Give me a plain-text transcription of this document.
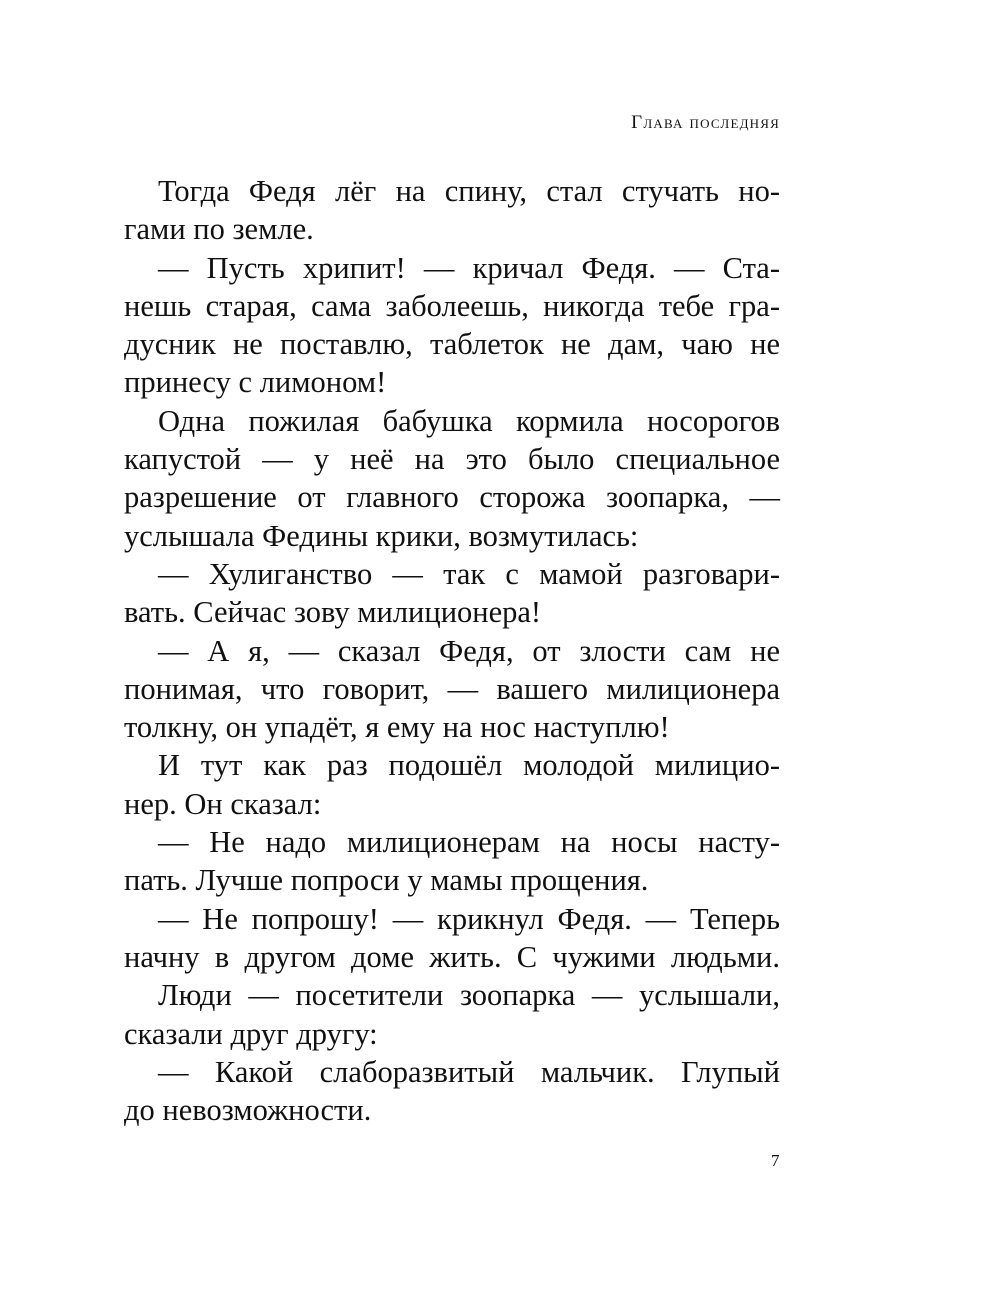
Глава последняя

Тогда Федя лёг на спину, стал стучать но-
гами по земле.

— Пусть хрипит! — кричал Федя. — Ста-
нешь старая, сама заболеешь, никогда тебе гра-
дусник не поставлю, таблеток не дам, чаю не
принесу с лимоном!

Одна пожилая бабушка кормила носорогов
капустой — у неё на это было специальное
разрешение от главного сторожа зоопарка, —
услышала Федины крики, возмутилась:

— Хулиганство — так с мамой разговари-
вать. Сейчас зову милиционера!

— А я, — сказал Федя, от злости сам не
понимая, что говорит, — вашего милиционера
толкну, он упадёт, я ему на нос наступлю!

И тут как раз подошёл молодой милицио-
нер. Он сказал:

— Не надо милиционерам на носы насту-
пать. Лучше попроси у мамы прощения.

— Не попрошу! — крикнул Федя. — Теперь
начну в другом доме жить. С чужими людьми.

Люди — посетители зоопарка — услышали,
сказали друг другу:

— Какой слаборазвитый мальчик. Глупый
до невозможности.

7
